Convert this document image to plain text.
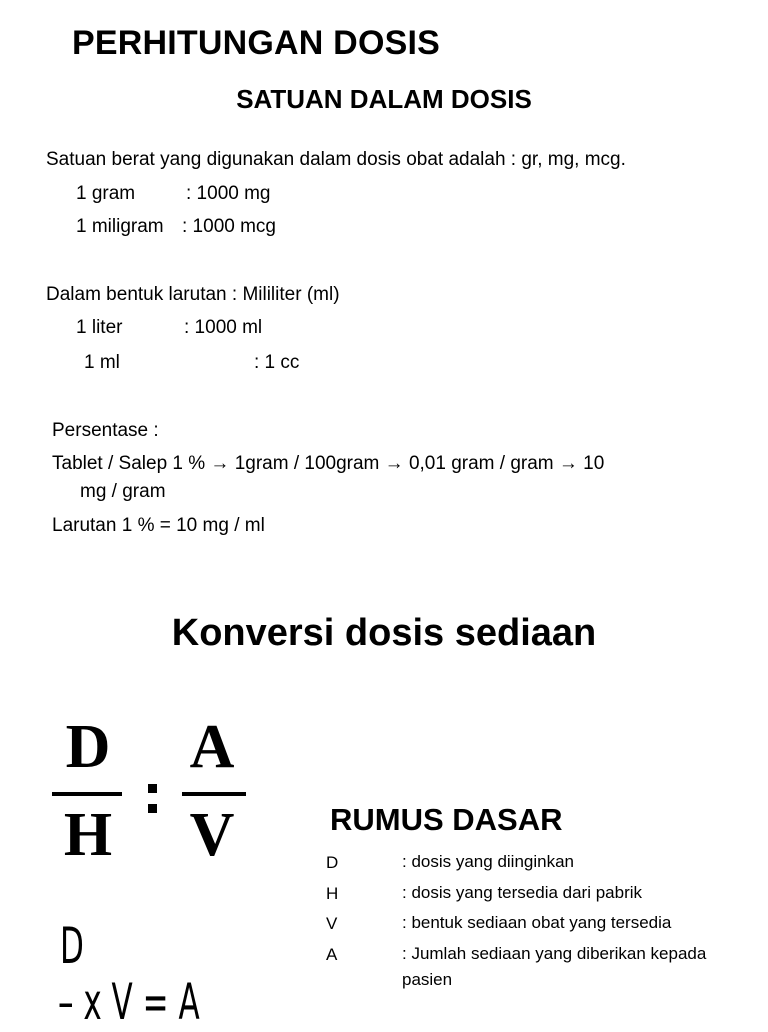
PERHITUNGAN DOSIS
SATUAN DALAM DOSIS
Satuan berat yang digunakan dalam dosis obat adalah : gr, mg, mcg.
1 gram	: 1000 mg
1 miligram : 1000 mcg
Dalam bentuk larutan : Mililiter (ml)
1 liter	: 1000 ml
1 ml	: 1 cc
Persentase :
Tablet / Salep 1 % → 1gram / 100gram → 0,01 gram / gram → 10
mg / gram
Larutan 1 % = 10 mg / ml
Konversi dosis sediaan
D
H
A
V
D
– x V = A
RUMUS DASAR
D	: dosis yang diinginkan
H	: dosis yang tersedia dari pabrik
V	: bentuk sediaan obat yang tersedia
A	: Jumlah sediaan yang diberikan kepada pasien
